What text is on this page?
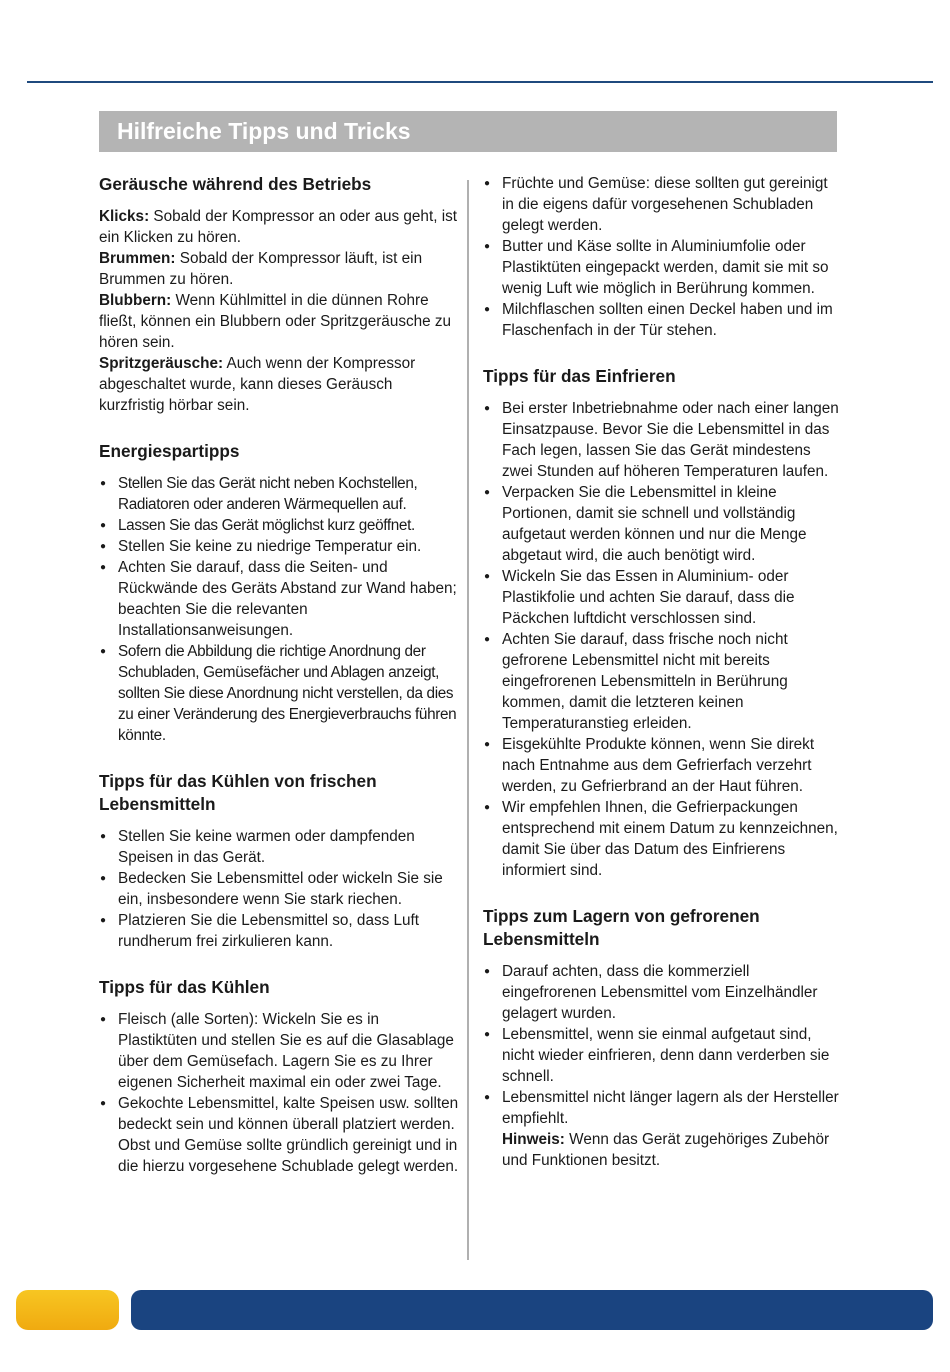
Hilfreiche Tipps und Tricks
Geräusche während des Betriebs

Klicks: Sobald der Kompressor an oder aus geht, ist ein Klicken zu hören.

Brummen: Sobald der Kompressor läuft, ist ein Brummen zu hören.

Blubbern: Wenn Kühlmittel in die dünnen Rohre fließt, können ein Blubbern oder Spritzgeräusche zu hören sein.

Spritzgeräusche: Auch wenn der Kompressor abgeschaltet wurde, kann dieses Geräusch kurzfristig hörbar sein.

Energiespartipps
● Stellen Sie das Gerät nicht neben Kochstellen, Radiatoren oder anderen Wärmequellen auf.
● Lassen Sie das Gerät möglichst kurz geöffnet.
● Stellen Sie keine zu niedrige Temperatur ein.
● Achten Sie darauf, dass die Seiten- und Rückwände des Geräts Abstand zur Wand haben; beachten Sie die relevanten Installationsanweisungen.
● Sofern die Abbildung die richtige Anordnung der Schubladen, Gemüsefächer und Ablagen anzeigt, sollten Sie diese Anordnung nicht verstellen, da dies zu einer Veränderung des Energieverbrauchs führen könnte.
Tipps für das Kühlen von frischen Lebensmitteln
● Stellen Sie keine warmen oder dampfenden Speisen in das Gerät.
● Bedecken Sie Lebensmittel oder wickeln Sie sie ein, insbesondere wenn Sie stark riechen.
● Platzieren Sie die Lebensmittel so, dass Luft rundherum frei zirkulieren kann.
Tipps für das Kühlen
● Fleisch (alle Sorten): Wickeln Sie es in Plastiktüten und stellen Sie es auf die Glasablage über dem Gemüsefach. Lagern Sie es zu Ihrer eigenen Sicherheit maximal ein oder zwei Tage.
● Gekochte Lebensmittel, kalte Speisen usw. sollten bedeckt sein und können überall platziert werden. Obst und Gemüse sollte gründlich gereinigt und in die hierzu vorgesehene Schublade gelegt werden.
● Früchte und Gemüse: diese sollten gut gereinigt in die eigens dafür vorgesehenen Schubladen gelegt werden.
● Butter und Käse sollte in Aluminiumfolie oder Plastiktüten eingepackt werden, damit sie mit so wenig Luft wie möglich in Berührung kommen.
● Milchflaschen sollten einen Deckel haben und im Flaschenfach in der Tür stehen.
Tipps für das Einfrieren
● Bei erster Inbetriebnahme oder nach einer langen Einsatzpause. Bevor Sie die Lebensmittel in das Fach legen, lassen Sie das Gerät mindestens zwei Stunden auf höheren Temperaturen laufen.
● Verpacken Sie die Lebensmittel in kleine Portionen, damit sie schnell und vollständig aufgetaut werden können und nur die Menge abgetaut wird, die auch benötigt wird.
● Wickeln Sie das Essen in Aluminium- oder Plastikfolie und achten Sie darauf, dass die Päckchen luftdicht verschlossen sind.
● Achten Sie darauf, dass frische noch nicht gefrorene Lebensmittel nicht mit bereits eingefrorenen Lebensmitteln in Berührung kommen, damit die letzteren keinen Temperaturanstieg erleiden.
● Eisgekühlte Produkte können, wenn Sie direkt nach Entnahme aus dem Gefrierfach verzehrt werden, zu Gefrierbrand an der Haut führen.
● Wir empfehlen Ihnen, die Gefrierpackungen entsprechend mit einem Datum zu kennzeichnen, damit Sie über das Datum des Einfrierens informiert sind.
Tipps zum Lagern von gefrorenen Lebensmitteln
● Darauf achten, dass die kommerziell eingefrorenen Lebensmittel vom Einzelhändler gelagert wurden.
● Lebensmittel, wenn sie einmal aufgetaut sind, nicht wieder einfrieren, denn dann verderben sie schnell.
● Lebensmittel nicht länger lagern als der Hersteller empfiehlt.

Hinweis: Wenn das Gerät zugehöriges Zubehör und Funktionen besitzt.
